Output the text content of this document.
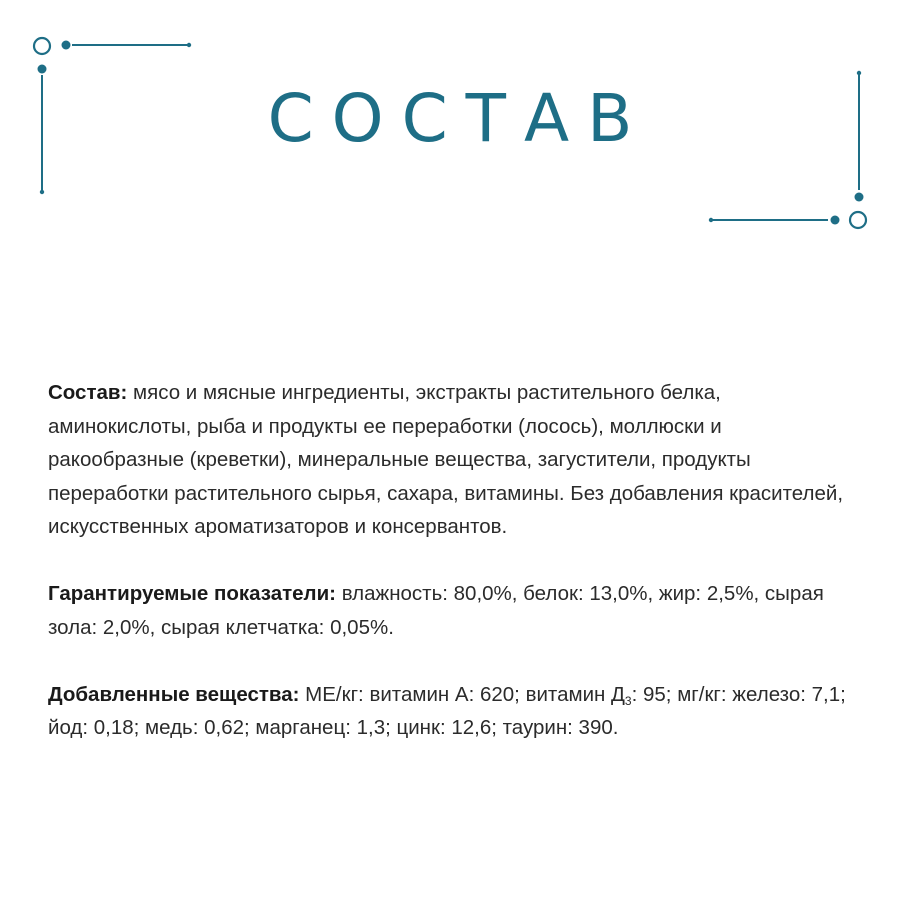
СОСТАВ

Состав: мясо и мясные ингредиенты, экстракты растительного белка, аминокислоты, рыба и продукты ее переработки (лосось), моллюски и ракообразные (креветки), минеральные вещества, загустители, продукты переработки растительного сырья, сахара, витамины. Без добавления красителей, искусственных ароматизаторов и консервантов.

Гарантируемые показатели: влажность: 80,0%, белок: 13,0%, жир: 2,5%, сырая зола: 2,0%, сырая клетчатка: 0,05%.

Добавленные вещества: МЕ/кг: витамин А: 620; витамин $Д_3$: 95; мг/кг: железо: 7,1; йод: 0,18; медь: 0,62; марганец: 1,3; цинк: 12,6; таурин: 390.
